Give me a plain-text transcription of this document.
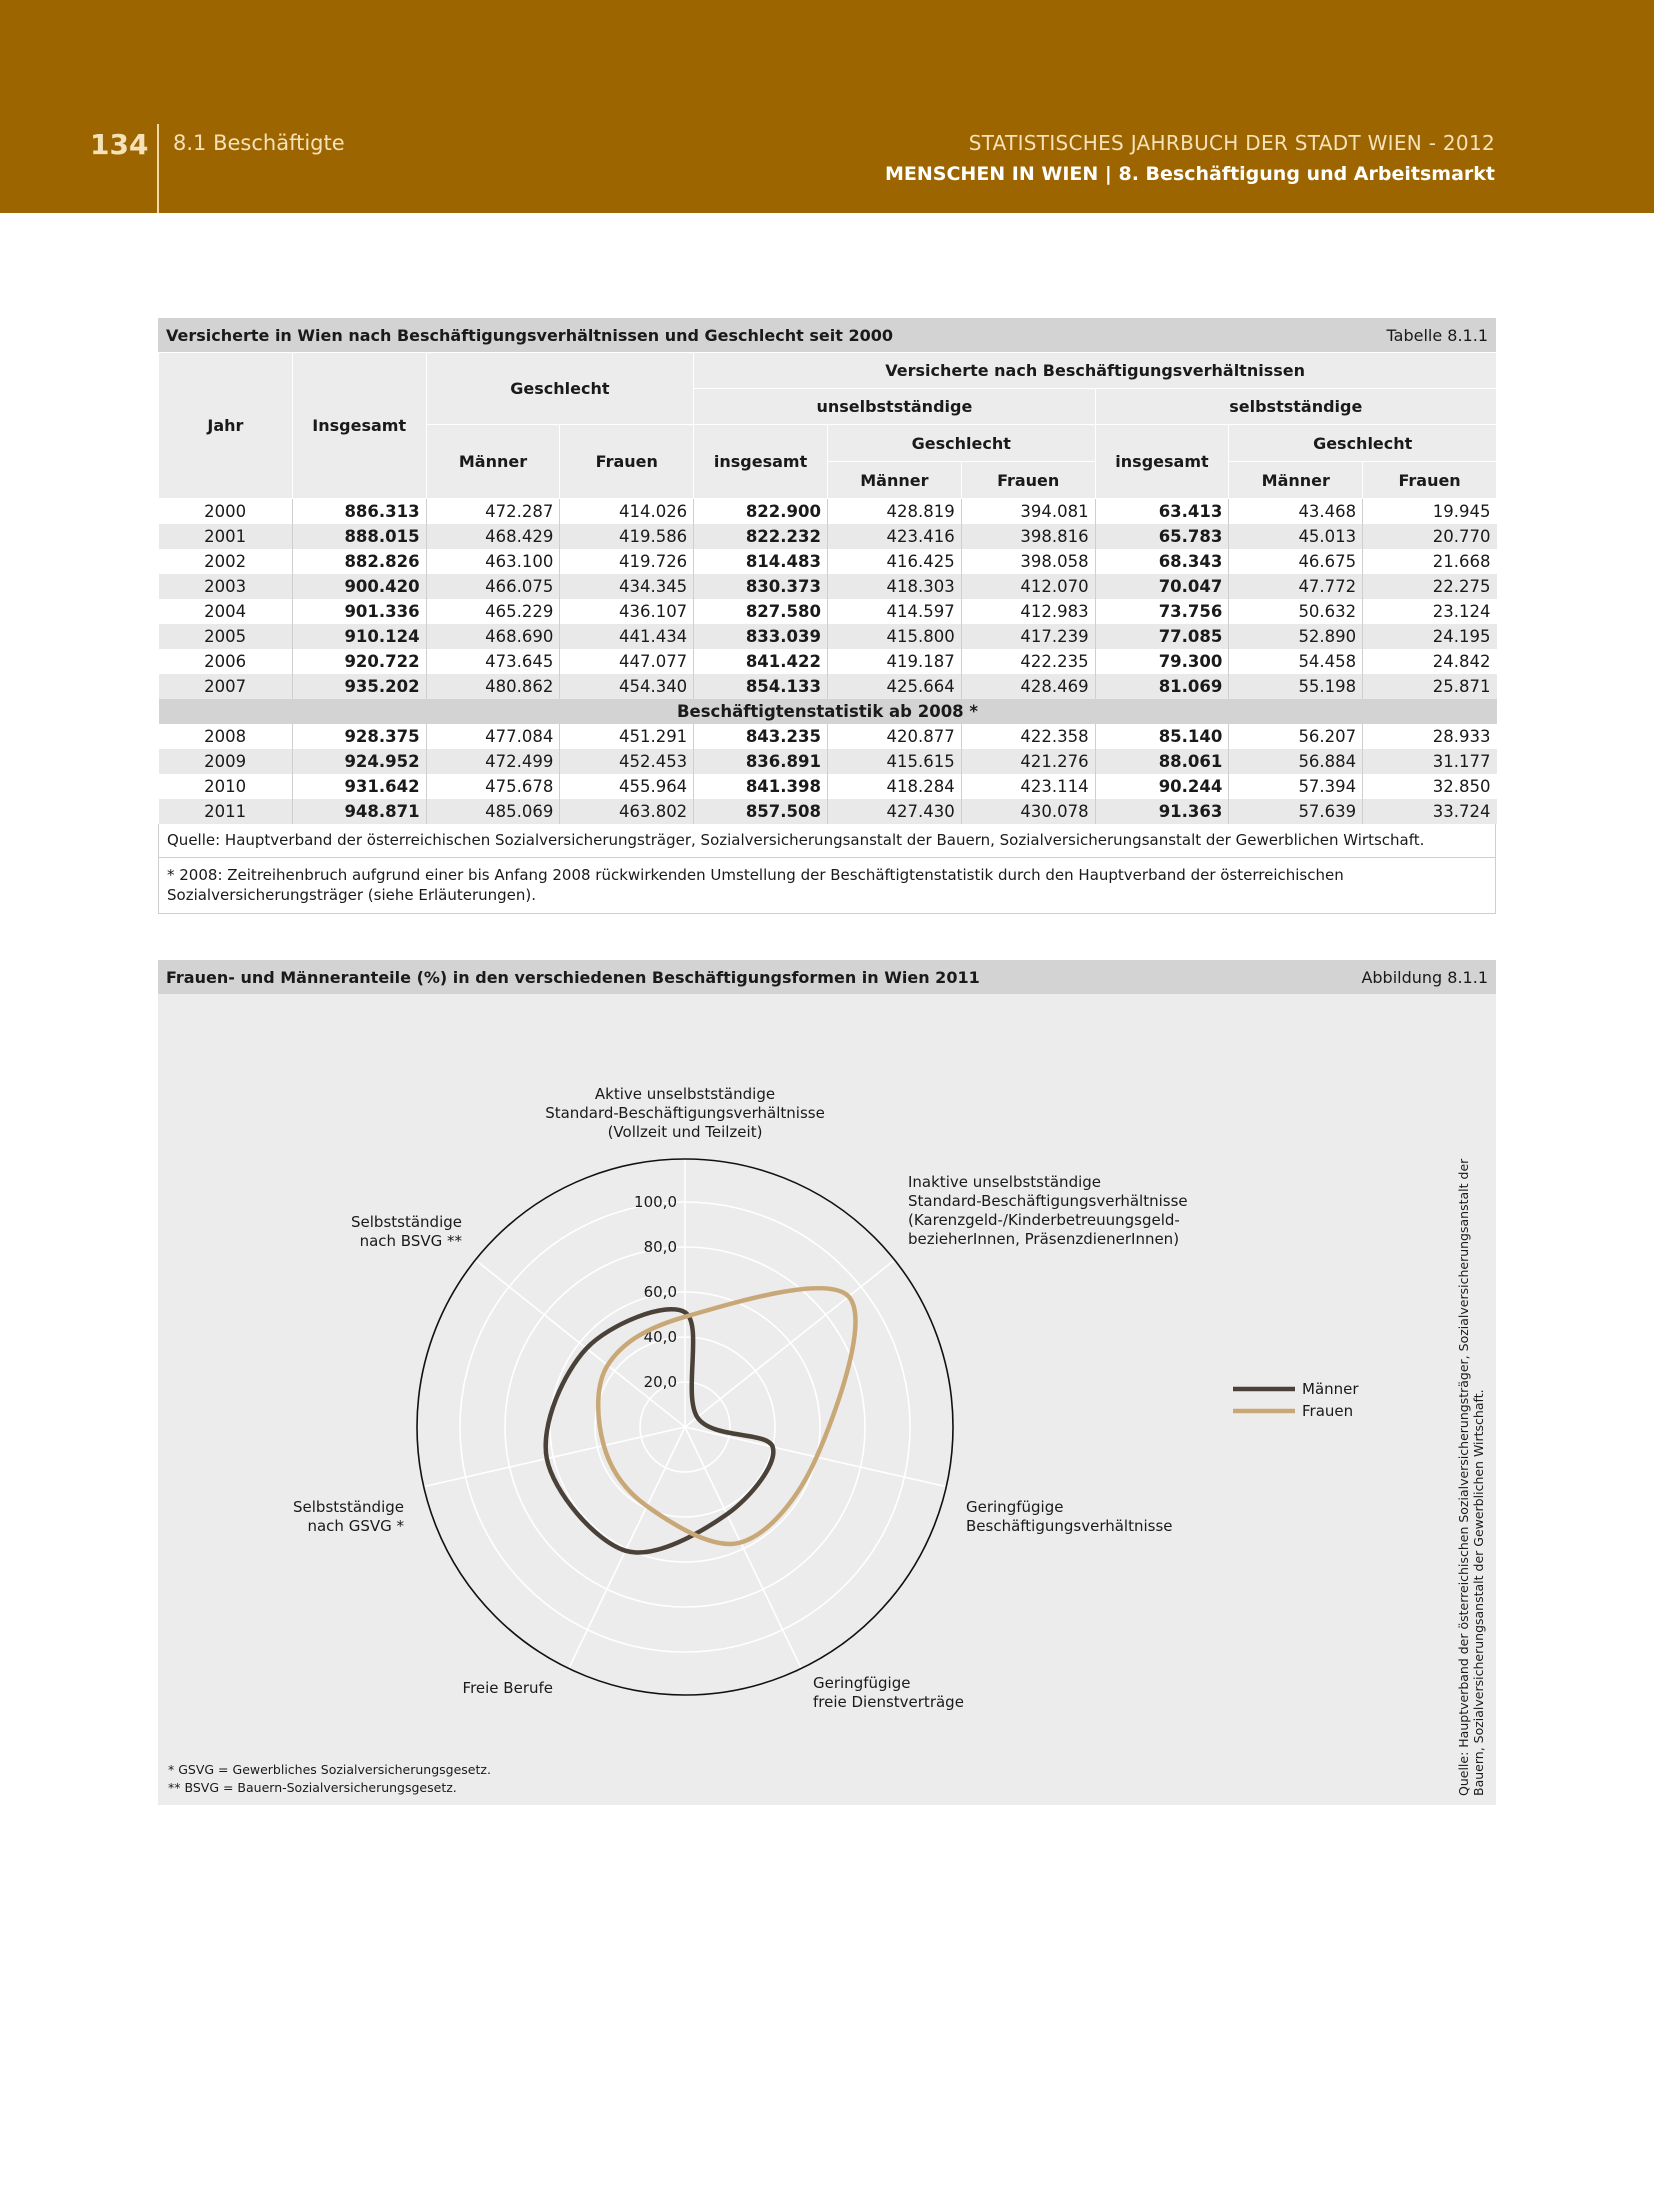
134 8.1 Beschäftigte	STATISTISCHES JAHRBUCH DER STADT WIEN - 2012
MENSCHEN IN WIEN | 8. Beschäftigung und Arbeitsmarkt
Versicherte in Wien nach Beschäftigungsverhältnissen und Geschlecht seit 2000	Tabelle 8.1.1
Jahr	Insgesamt	Geschlecht		Versicherte nach Beschäftigungsverhältnissen					
				unselbstständige			selbstständige		
		Männer	Frauen	insgesamt	Geschlecht		insgesamt	Geschlecht	
					Männer	Frauen		Männer	Frauen
2000	886.313	472.287	414.026	822.900	428.819	394.081	63.413	43.468	19.945
2001	888.015	468.429	419.586	822.232	423.416	398.816	65.783	45.013	20.770
2002	882.826	463.100	419.726	814.483	416.425	398.058	68.343	46.675	21.668
2003	900.420	466.075	434.345	830.373	418.303	412.070	70.047	47.772	22.275
2004	901.336	465.229	436.107	827.580	414.597	412.983	73.756	50.632	23.124
2005	910.124	468.690	441.434	833.039	415.800	417.239	77.085	52.890	24.195
2006	920.722	473.645	447.077	841.422	419.187	422.235	79.300	54.458	24.842
2007	935.202	480.862	454.340	854.133	425.664	428.469	81.069	55.198	25.871
Beschäftigtenstatistik ab 2008 *									
2008	928.375	477.084	451.291	843.235	420.877	422.358	85.140	56.207	28.933
2009	924.952	472.499	452.453	836.891	415.615	421.276	88.061	56.884	31.177
2010	931.642	475.678	455.964	841.398	418.284	423.114	90.244	57.394	32.850
2011	948.871	485.069	463.802	857.508	427.430	430.078	91.363	57.639	33.724
Quelle: Hauptverband der österreichischen Sozialversicherungsträger, Sozialversicherungsanstalt der Bauern, Sozialversicherungsanstalt der Gewerblichen Wirtschaft.
* 2008: Zeitreihenbruch aufgrund einer bis Anfang 2008 rückwirkenden Umstellung der Beschäftigtenstatistik durch den Hauptverband der österreichischen Sozialversicherungsträger (siehe Erläuterungen).
Frauen- und Männeranteile (%) in den verschiedenen Beschäftigungsformen in Wien 2011	Abbildung 8.1.1
20,0
40,0
60,0
80,0
100,0
Aktive unselbstständige Standard-Beschäftigungsverhältnisse (Vollzeit und Teilzeit)
Inaktive unselbstständige Standard-Beschäftigungsverhältnisse (Karenzgeld-/Kinderbetreuungsgeld-bezieherInnen, PräsenzdienerInnen)
Geringfügige Beschäftigungsverhältnisse
Geringfügige freie Dienstverträge
Freie Berufe
Selbstständige nach GSVG *
Selbstständige nach BSVG **
Männer
Frauen
* GSVG = Gewerbliches Sozialversicherungsgesetz.
** BSVG = Bauern-Sozialversicherungsgesetz.	Quelle: Hauptverband der österreichischen Sozialversicherungsträger, Sozialversicherungsanstalt der Bauern, Sozialversicherungsanstalt der Gewerblichen Wirtschaft.
